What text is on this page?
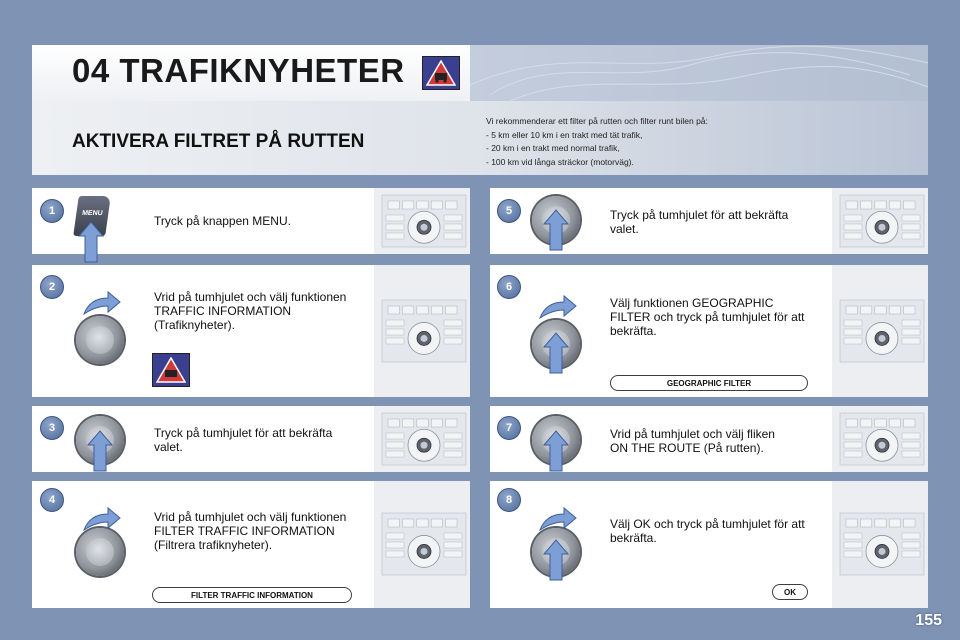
04 TRAFIKNYHETER
AKTIVERA FILTRET PÅ RUTTEN
Vi rekommenderar ett filter på rutten och filter runt bilen på:
- 5 km eller 10 km i en trakt med tät trafik,
- 20 km i en trakt med normal trafik,
- 100 km vid långa sträckor (motorväg).
1	MENU
Tryck på knappen MENU.
2
Vrid på tumhjulet och välj funktionen
TRAFFIC INFORMATION
(Trafiknyheter).
3	Tryck på tumhjulet för att bekräfta
valet.
4
Vrid på tumhjulet och välj funktionen
FILTER TRAFFIC INFORMATION
(Filtrera trafiknyheter).
FILTER TRAFFIC INFORMATION
5	Tryck på tumhjulet för att bekräfta
valet.
6
Välj funktionen GEOGRAPHIC
FILTER och tryck på tumhjulet för att
bekräfta.
GEOGRAPHIC FILTER
7	Vrid på tumhjulet och välj fliken
ON THE ROUTE (På rutten).
8
Välj OK och tryck på tumhjulet för att
bekräfta.
OK
155
